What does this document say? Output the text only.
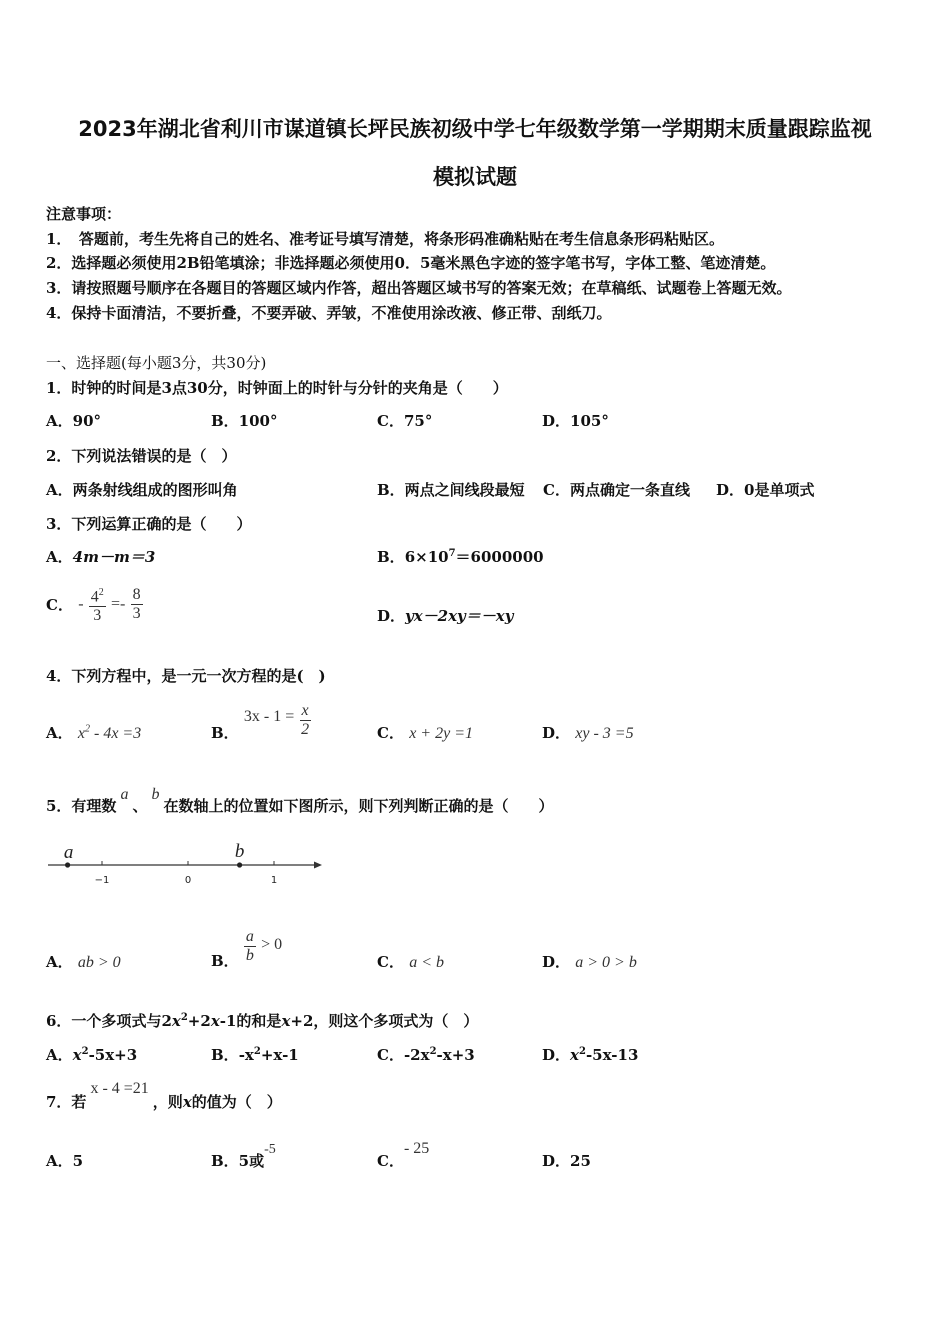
2023年湖北省利川市谋道镇长坪民族初级中学七年级数学第一学期期末质量跟踪监视
模拟试题
注意事项：
1．　答题前，考生先将自己的姓名、准考证号填写清楚，将条形码准确粘贴在考生信息条形码粘贴区。
2．选择题必须使用2B铅笔填涂；非选择题必须使用0．5毫米黑色字迹的签字笔书写，字体工整、笔迹清楚。
3．请按照题号顺序在各题目的答题区域内作答，超出答题区域书写的答案无效；在草稿纸、试题卷上答题无效。
4．保持卡面清洁，不要折叠，不要弄破、弄皱，不准使用涂改液、修正带、刮纸刀。
一、选择题(每小题3分，共30分)
1．时钟的时间是3点30分，时钟面上的时针与分针的夹角是（　　）
A．90°	B．100°	C．75°	D．105°
2．下列说法错误的是（　）
A．两条射线组成的图形叫角	B．两点之间线段最短 C．两点确定一条直线 D．0是单项式
3．下列运算正确的是（　　）
A．4m－m＝3	B．$6\times 10^7=6000000$
C． - $\frac{4^2}{3} =- \frac{8}{3}$	D．yx－2xy＝－xy
4．下列方程中，是一元一次方程的是(　)
A． $x^2 - 4x =3$	B． $3x - 1 = \frac{x}{2}$	C． x + 2y =1	D． xy - 3 =5
5．有理数a、b在数轴上的位置如下图所示，则下列判断正确的是（　　）
a	b
−1	0	1
A． ab > 0	B． $\frac{a}{b} > 0$
C． a < b	D． a > 0 > b
6．一个多项式与$2x^2+2x-1$的和是x+2，则这个多项式为（　）
A．$x^2-5x+3$	B．$-x^2+x-1$	C．$-2x^2-x+3$	D．$x^2-5x-13$
7．若x - 4 =21，则x的值为（　）
A．5	B．5或-5
C．- 25
D．25
